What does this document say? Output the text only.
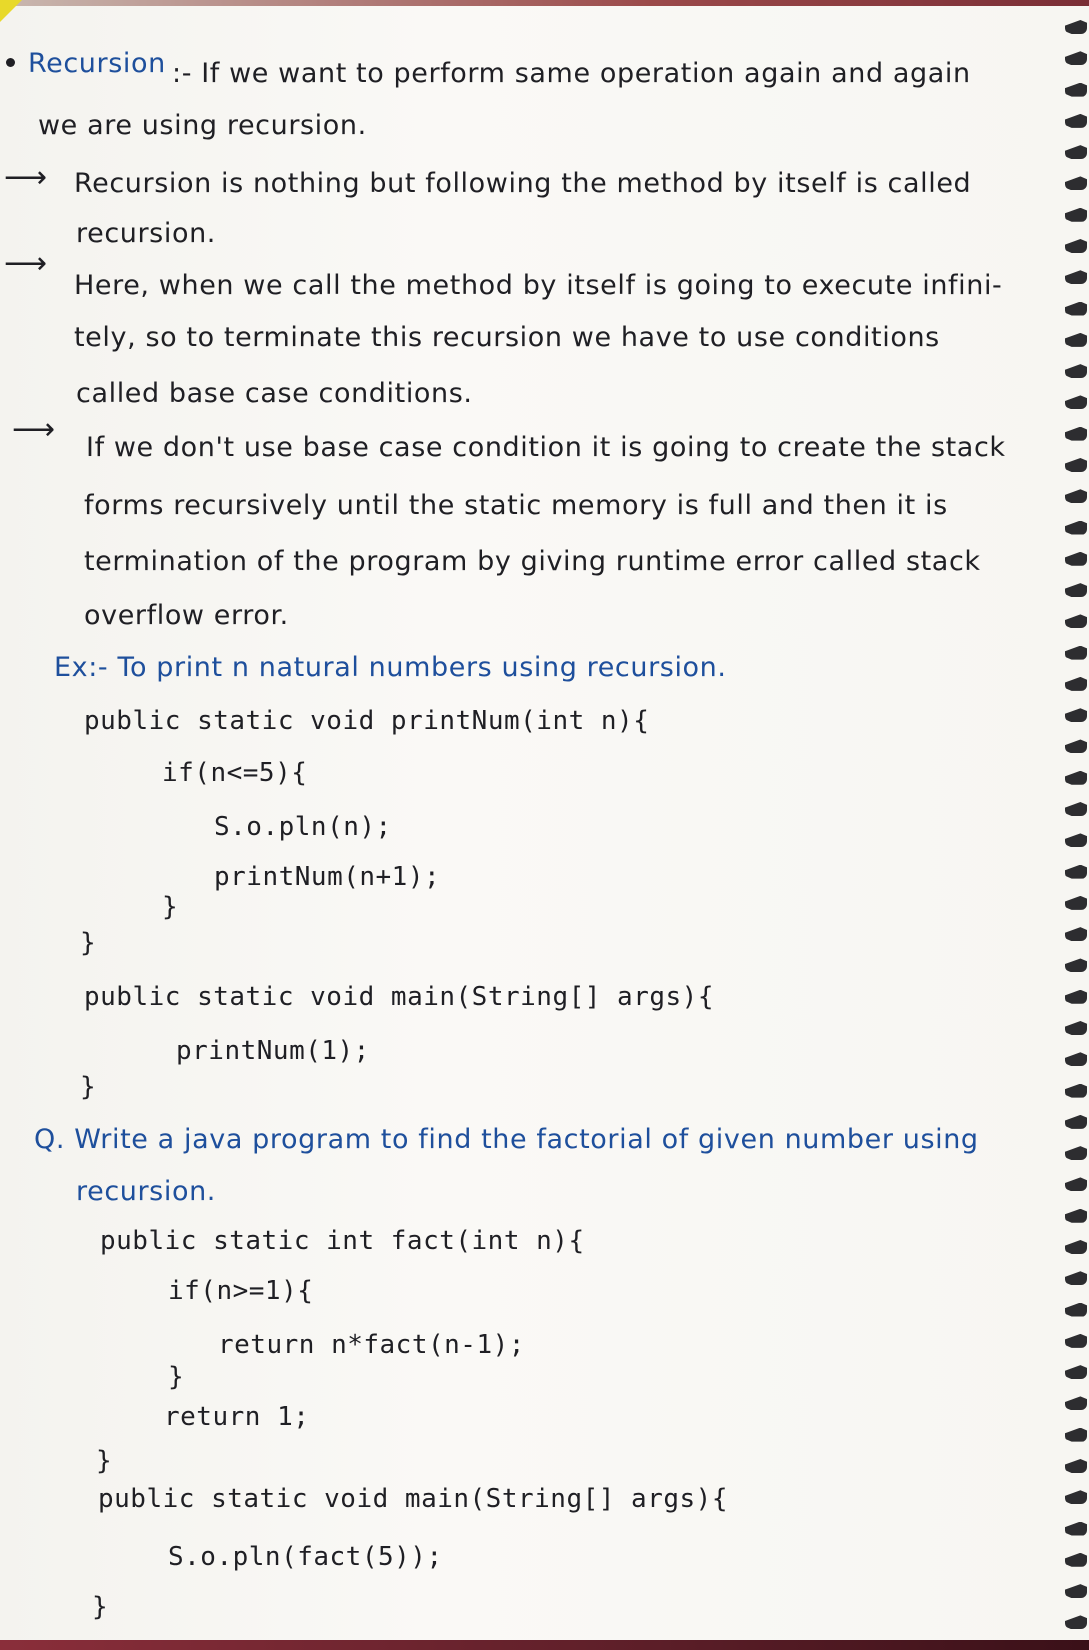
Recursion :- If we want to perform same operation again and again
we are using recursion.
⟶ Recursion is nothing but following the method by itself is called
recursion.
⟶
Here, when we call the method by itself is going to execute infini-
tely, so to terminate this recursion we have to use conditions
called base case conditions.
⟶
If we don't use base case condition it is going to create the stack
forms recursively until the static memory is full and then it is
termination of the program by giving runtime error called stack
overflow error.
Ex:- To print n natural numbers using recursion.
public static void printNum(int n){
if(n<=5){
S.o.pln(n);
printNum(n+1);
}
}
public static void main(String[] args){
printNum(1);
}
Q. Write a java program to find the factorial of given number using
recursion.
public static int fact(int n){
if(n>=1){
return n*fact(n-1);
}
return 1;
}
public static void main(String[] args){
S.o.pln(fact(5));
}
